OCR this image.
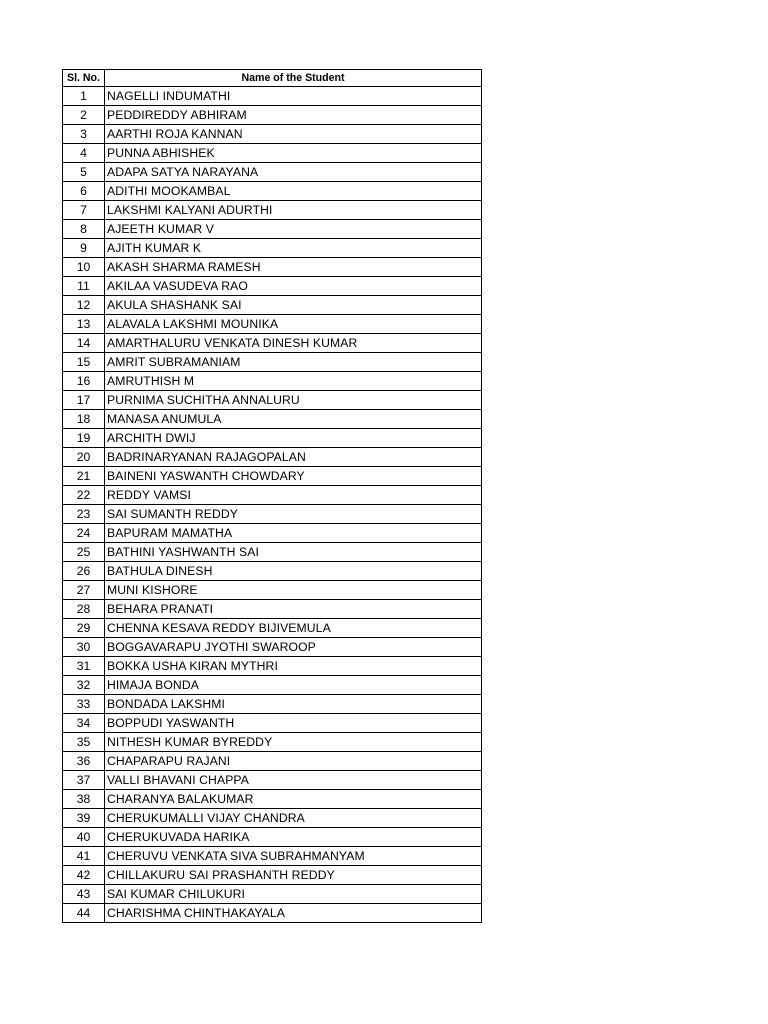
Sl. No.	Name of the Student
1	NAGELLI INDUMATHI
2	PEDDIREDDY ABHIRAM
3	AARTHI ROJA KANNAN
4	PUNNA ABHISHEK
5	ADAPA SATYA NARAYANA
6	ADITHI MOOKAMBAL
7	LAKSHMI KALYANI ADURTHI
8	AJEETH KUMAR V
9	AJITH KUMAR K
10	AKASH SHARMA RAMESH
11	AKILAA VASUDEVA RAO
12	AKULA SHASHANK SAI
13	ALAVALA LAKSHMI MOUNIKA
14	AMARTHALURU VENKATA DINESH KUMAR
15	AMRIT SUBRAMANIAM
16	AMRUTHISH M
17	PURNIMA SUCHITHA ANNALURU
18	MANASA ANUMULA
19	ARCHITH DWIJ
20	BADRINARYANAN RAJAGOPALAN
21	BAINENI YASWANTH CHOWDARY
22	REDDY VAMSI
23	SAI SUMANTH REDDY
24	BAPURAM MAMATHA
25	BATHINI YASHWANTH SAI
26	BATHULA DINESH
27	MUNI KISHORE
28	BEHARA PRANATI
29	CHENNA KESAVA REDDY BIJIVEMULA
30	BOGGAVARAPU JYOTHI SWAROOP
31	BOKKA USHA KIRAN MYTHRI
32	HIMAJA BONDA
33	BONDADA LAKSHMI
34	BOPPUDI YASWANTH
35	NITHESH KUMAR BYREDDY
36	CHAPARAPU RAJANI
37	VALLI BHAVANI CHAPPA
38	CHARANYA BALAKUMAR
39	CHERUKUMALLI VIJAY CHANDRA
40	CHERUKUVADA HARIKA
41	CHERUVU VENKATA SIVA SUBRAHMANYAM
42	CHILLAKURU SAI PRASHANTH REDDY
43	SAI KUMAR CHILUKURI
44	CHARISHMA CHINTHAKAYALA
